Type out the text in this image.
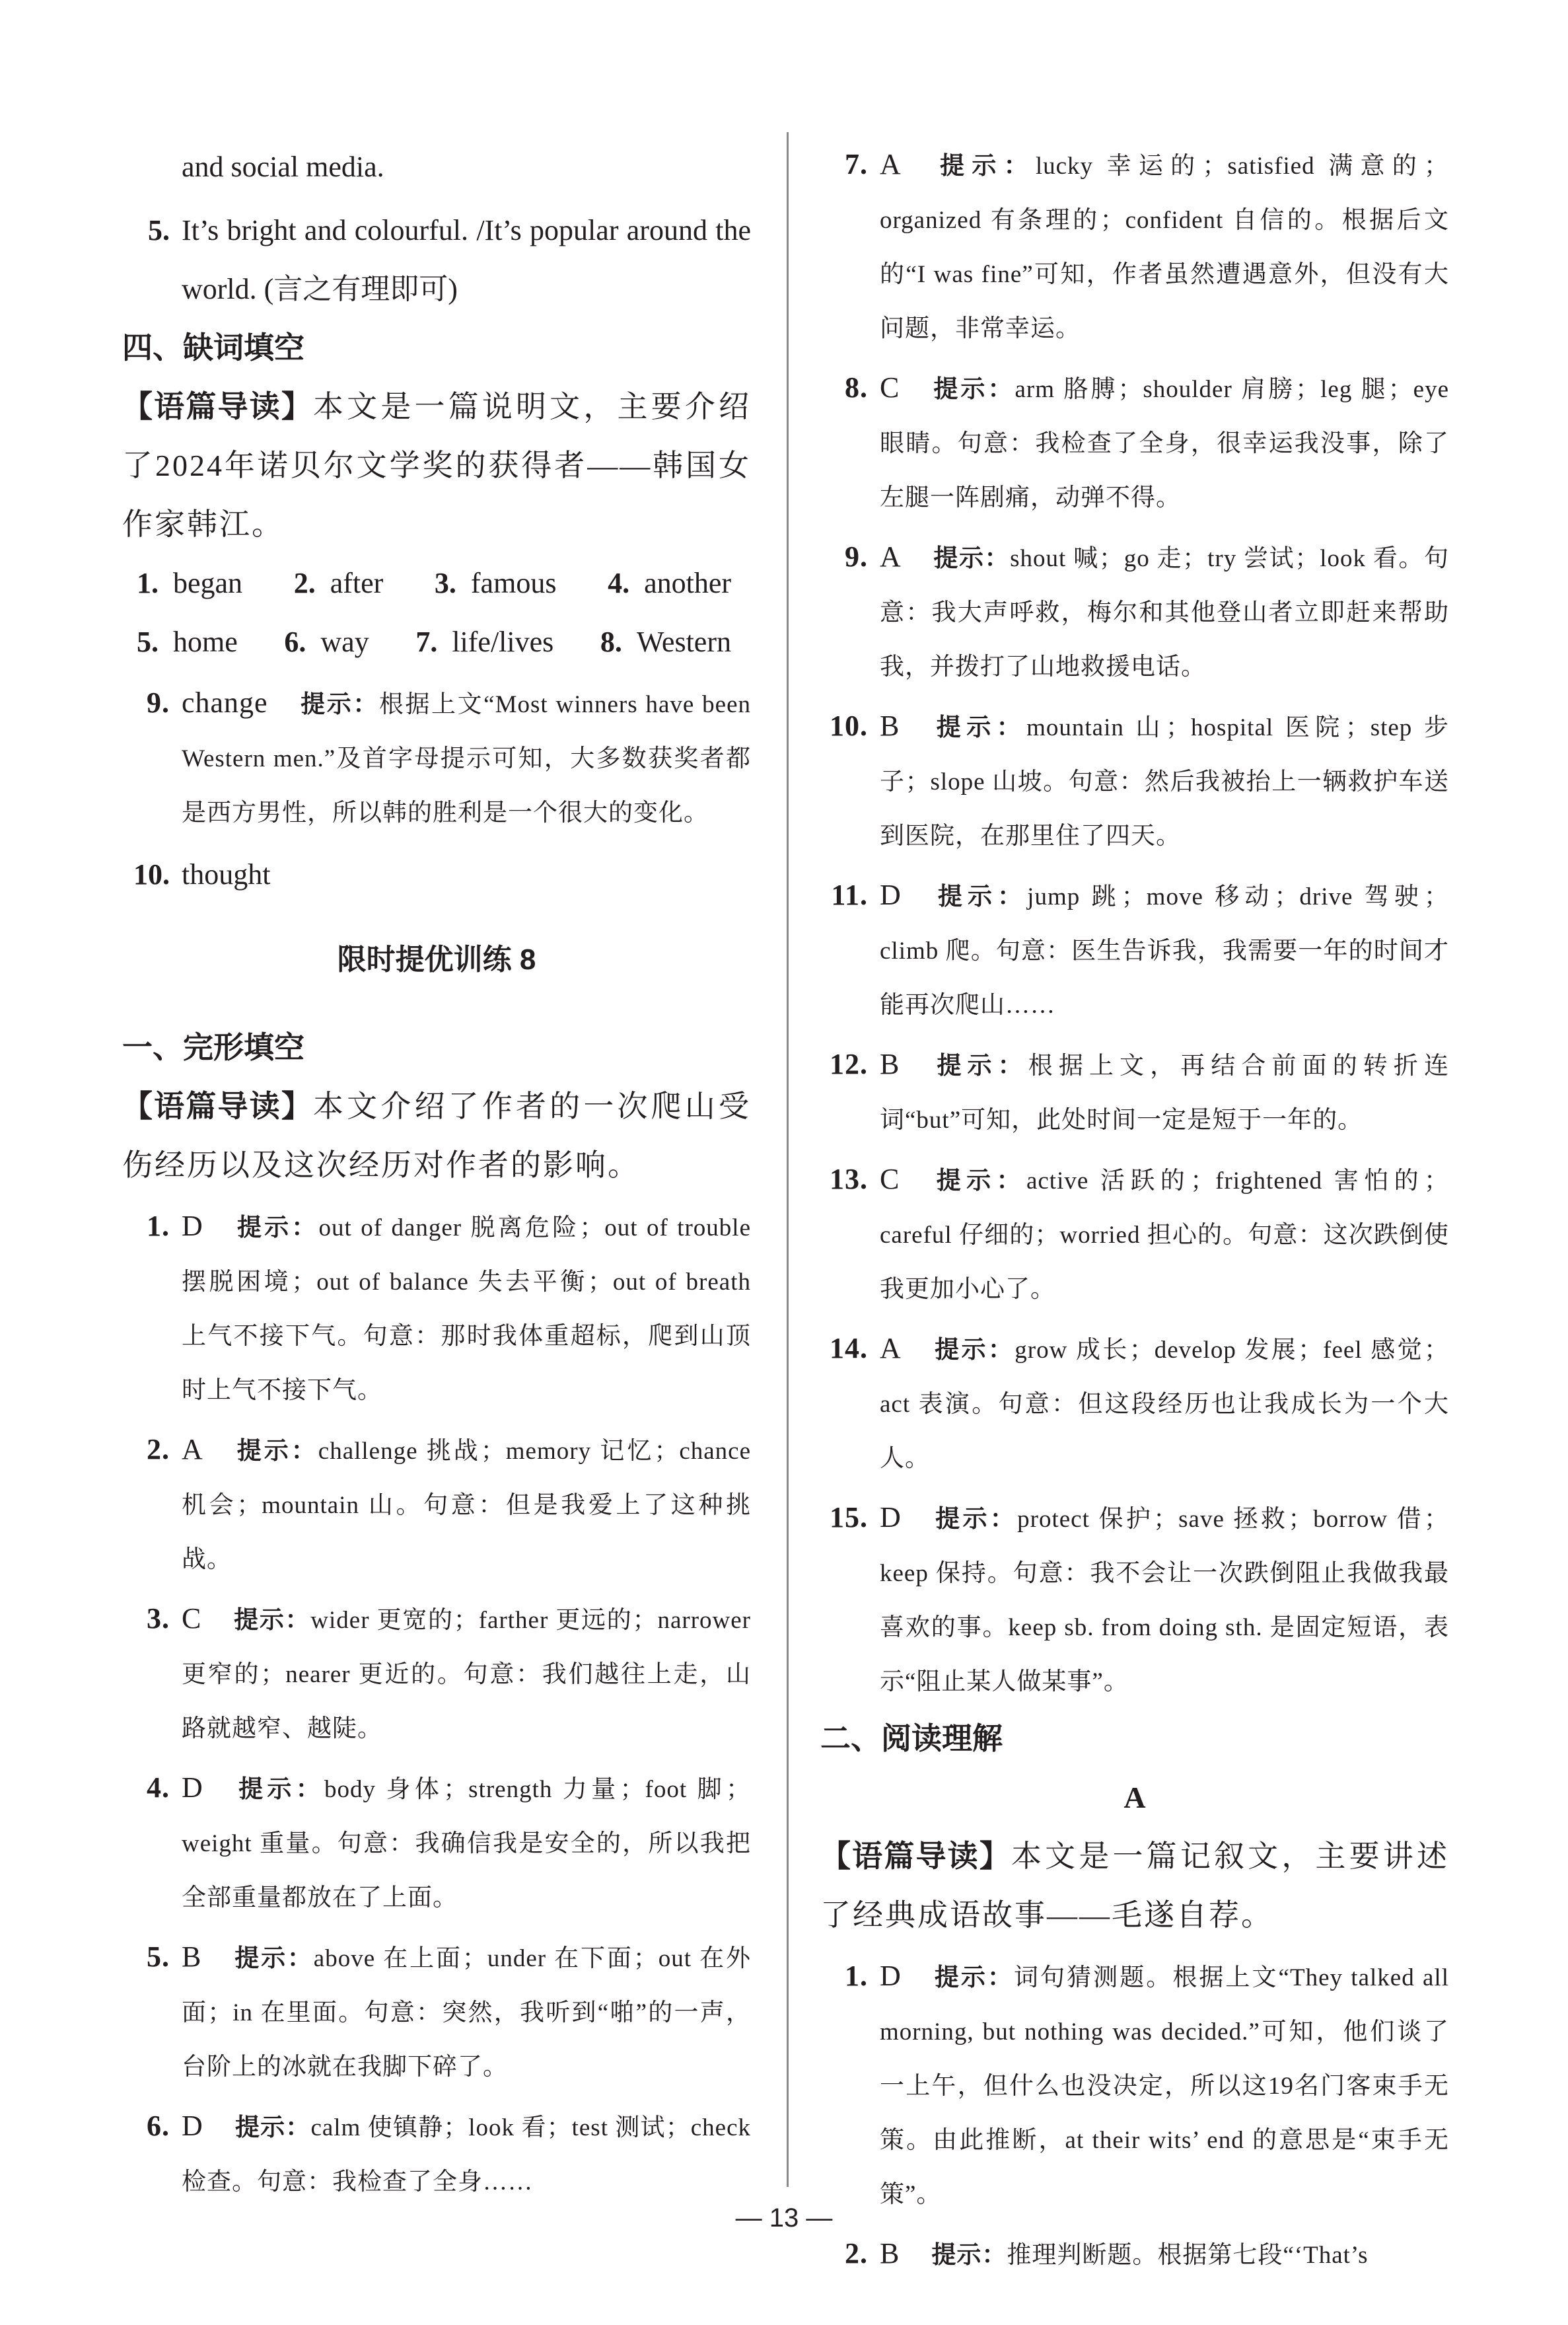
and social media.
5. It’s bright and colourful. /It’s popular around the world. (言之有理即可)
四、缺词填空
【语篇导读】本文是一篇说明文，主要介绍了2024年诺贝尔文学奖的获得者——韩国女作家韩江。
1. began 2. after 3. famous 4. another
5. home 6. way 7. life/lives 8. Western
9. change 提示：根据上文“Most winners have been Western men.”及首字母提示可知，大多数获奖者都是西方男性，所以韩的胜利是一个很大的变化。
10. thought
限时提优训练 8
一、完形填空
【语篇导读】本文介绍了作者的一次爬山受伤经历以及这次经历对作者的影响。
1. D 提示：out of danger 脱离危险；out of trouble 摆脱困境；out of balance 失去平衡；out of breath 上气不接下气。句意：那时我体重超标，爬到山顶时上气不接下气。
2. A 提示：challenge 挑战；memory 记忆；chance 机会；mountain 山。句意：但是我爱上了这种挑战。
3. C 提示：wider 更宽的；farther 更远的；narrower 更窄的；nearer 更近的。句意：我们越往上走，山路就越窄、越陡。
4. D 提示：body 身体；strength 力量；foot 脚；weight 重量。句意：我确信我是安全的，所以我把全部重量都放在了上面。
5. B 提示：above 在上面；under 在下面；out 在外面；in 在里面。句意：突然，我听到“啪”的一声，台阶上的冰就在我脚下碎了。
6. D 提示：calm 使镇静；look 看；test 测试；check 检查。句意：我检查了全身……
7. A 提示：lucky 幸运的；satisfied 满意的；organized 有条理的；confident 自信的。根据后文的“I was fine”可知，作者虽然遭遇意外，但没有大问题，非常幸运。
8. C 提示：arm 胳膊；shoulder 肩膀；leg 腿；eye 眼睛。句意：我检查了全身，很幸运我没事，除了左腿一阵剧痛，动弹不得。
9. A 提示：shout 喊；go 走；try 尝试；look 看。句意：我大声呼救，梅尔和其他登山者立即赶来帮助我，并拨打了山地救援电话。
10. B 提示：mountain 山；hospital 医院；step 步子；slope 山坡。句意：然后我被抬上一辆救护车送到医院，在那里住了四天。
11. D 提示：jump 跳；move 移动；drive 驾驶；climb 爬。句意：医生告诉我，我需要一年的时间才能再次爬山……
12. B 提示：根据上文，再结合前面的转折连词“but”可知，此处时间一定是短于一年的。
13. C 提示：active 活跃的；frightened 害怕的；careful 仔细的；worried 担心的。句意：这次跌倒使我更加小心了。
14. A 提示：grow 成长；develop 发展；feel 感觉；act 表演。句意：但这段经历也让我成长为一个大人。
15. D 提示：protect 保护；save 拯救；borrow 借；keep 保持。句意：我不会让一次跌倒阻止我做我最喜欢的事。keep sb. from doing sth. 是固定短语，表示“阻止某人做某事”。
二、阅读理解
A
【语篇导读】本文是一篇记叙文，主要讲述了经典成语故事——毛遂自荐。
1. D 提示：词句猜测题。根据上文“They talked all morning, but nothing was decided.”可知，他们谈了一上午，但什么也没决定，所以这19名门客束手无策。由此推断，at their wits’ end 的意思是“束手无策”。
2. B 提示：推理判断题。根据第七段“‘That’s
— 13 —
